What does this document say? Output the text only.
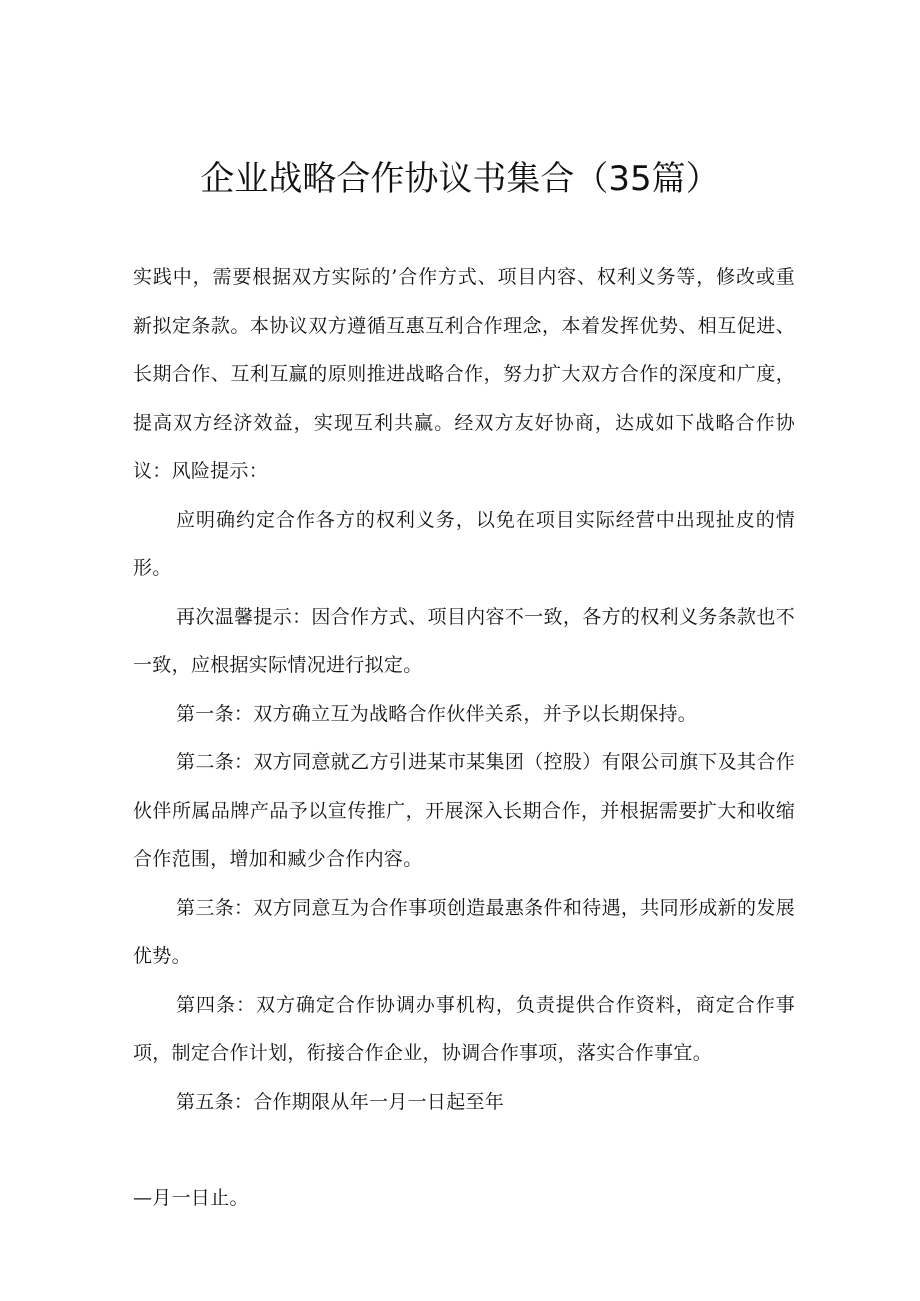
企业战略合作协议书集合（35篇）

实践中，需要根据双方实际的’合作方式、项目内容、权利义务等，修改或重新拟定条款。本协议双方遵循互惠互利合作理念，本着发挥优势、相互促进、长期合作、互利互赢的原则推进战略合作，努力扩大双方合作的深度和广度，提高双方经济效益，实现互利共赢。经双方友好协商，达成如下战略合作协议：风险提示：

应明确约定合作各方的权利义务，以免在项目实际经营中出现扯皮的情形。

再次温馨提示：因合作方式、项目内容不一致，各方的权利义务条款也不一致，应根据实际情况进行拟定。

第一条：双方确立互为战略合作伙伴关系，并予以长期保持。

第二条：双方同意就乙方引进某市某集团（控股）有限公司旗下及其合作伙伴所属品牌产品予以宣传推广，开展深入长期合作，并根据需要扩大和收缩合作范围，增加和臧少合作内容。

第三条：双方同意互为合作事项创造最惠条件和待遇，共同形成新的发展优势。

第四条：双方确定合作协调办事机构，负责提供合作资料，商定合作事项，制定合作计划，衔接合作企业，协调合作事项，落实合作事宜。

第五条：合作期限从年一月一日起至年

—月一日止。
